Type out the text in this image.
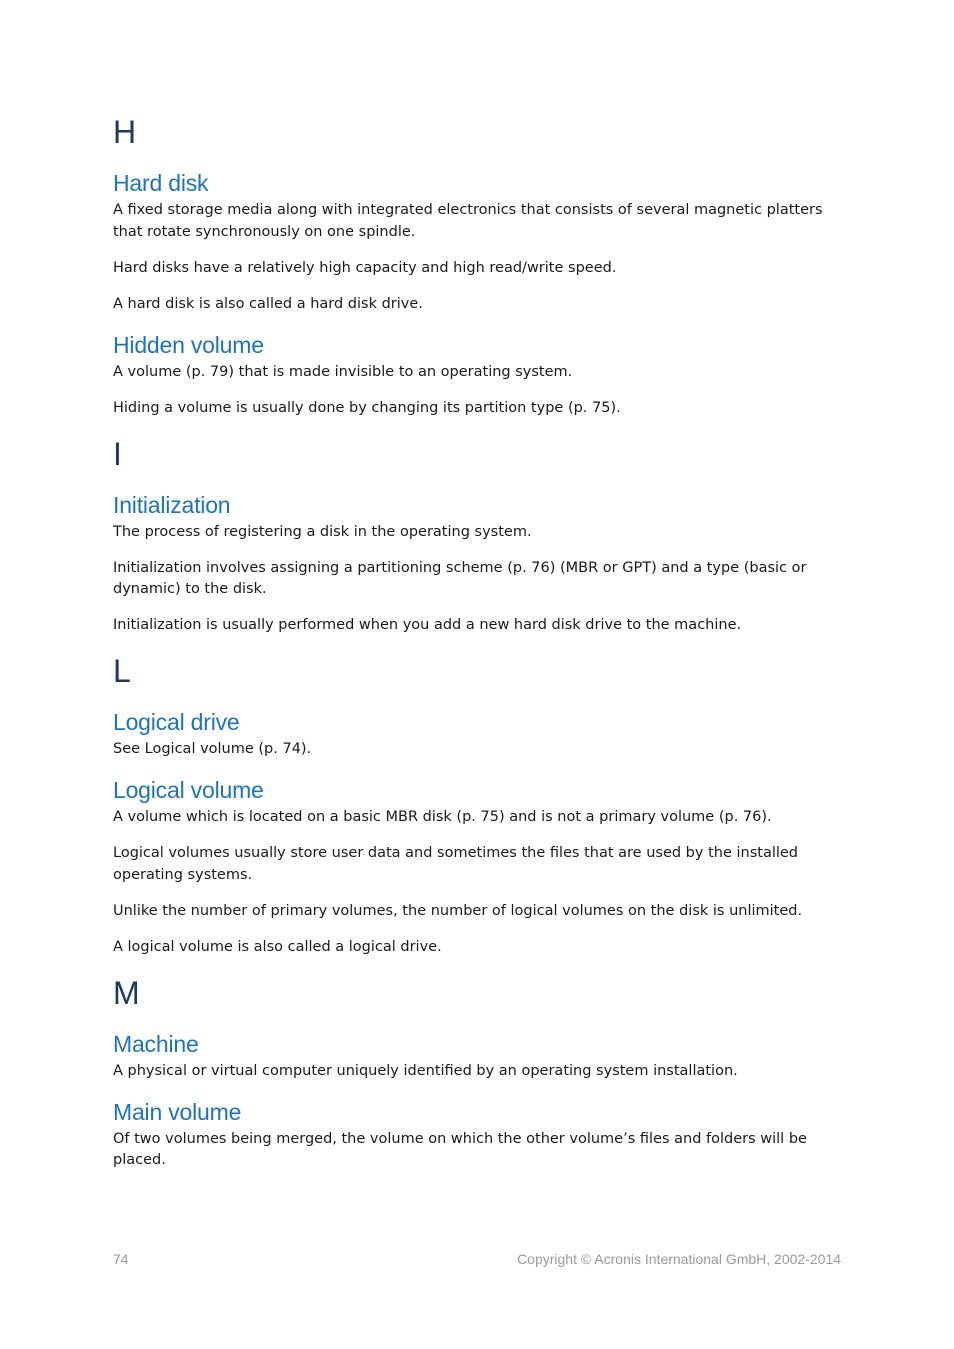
H
Hard disk

A fixed storage media along with integrated electronics that consists of several magnetic platters that rotate synchronously on one spindle.

Hard disks have a relatively high capacity and high read/write speed.

A hard disk is also called a hard disk drive.

Hidden volume

A volume (p. 79) that is made invisible to an operating system.

Hiding a volume is usually done by changing its partition type (p. 75).

I
Initialization

The process of registering a disk in the operating system.

Initialization involves assigning a partitioning scheme (p. 76) (MBR or GPT) and a type (basic or dynamic) to the disk.

Initialization is usually performed when you add a new hard disk drive to the machine.

L
Logical drive

See Logical volume (p. 74).

Logical volume

A volume which is located on a basic MBR disk (p. 75) and is not a primary volume (p. 76).

Logical volumes usually store user data and sometimes the files that are used by the installed operating systems.

Unlike the number of primary volumes, the number of logical volumes on the disk is unlimited.

A logical volume is also called a logical drive.

M
Machine

A physical or virtual computer uniquely identified by an operating system installation.

Main volume

Of two volumes being merged, the volume on which the other volume’s files and folders will be placed.

74	Copyright © Acronis International GmbH, 2002-2014
